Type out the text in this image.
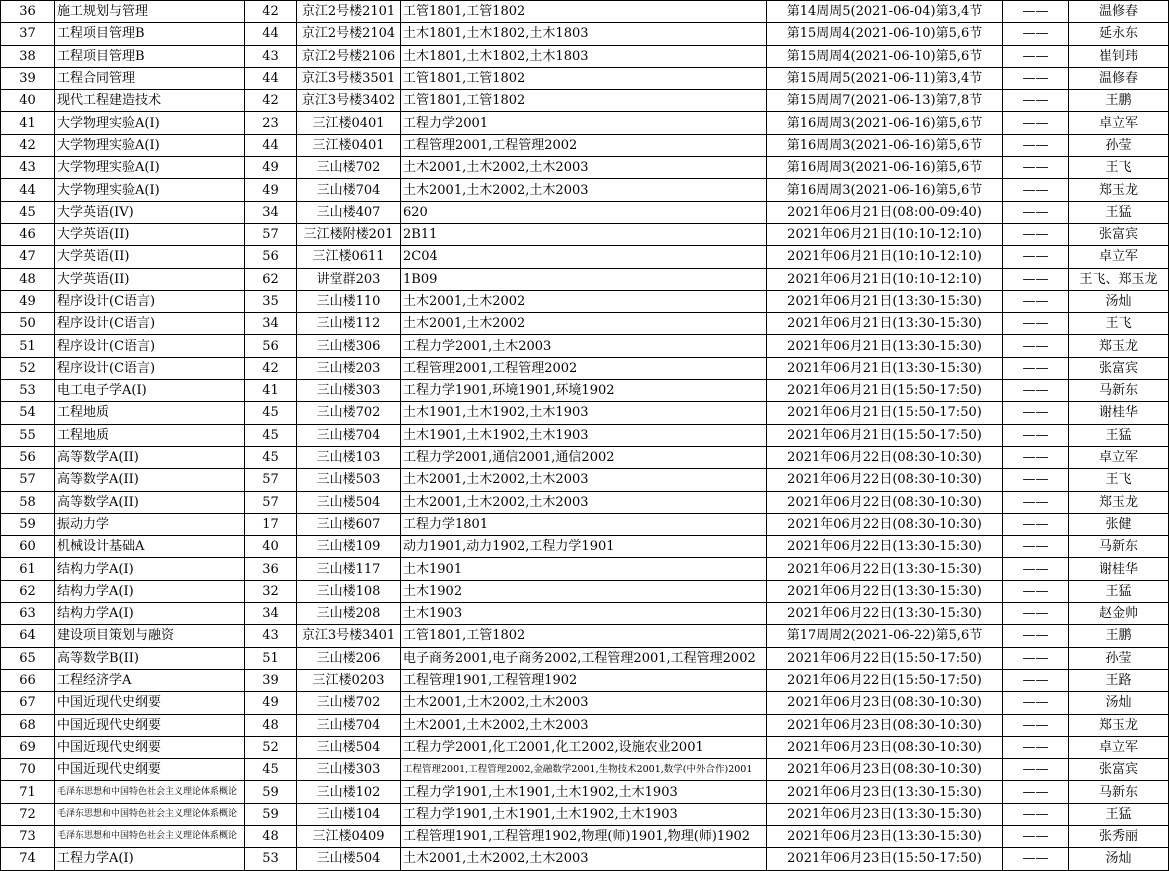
36	施工规划与管理	42	京江2号楼2101	工管1801,工管1802	第14周周5(2021-06-04)第3,4节	——	温修春
37	工程项目管理B	44	京江2号楼2104	土木1801,土木1802,土木1803	第15周周4(2021-06-10)第5,6节	——	延永东
38	工程项目管理B	43	京江2号楼2106	土木1801,土木1802,土木1803	第15周周4(2021-06-10)第5,6节	——	崔钊玮
39	工程合同管理	44	京江3号楼3501	工管1801,工管1802	第15周周5(2021-06-11)第3,4节	——	温修春
40	现代工程建造技术	42	京江3号楼3402	工管1801,工管1802	第15周周7(2021-06-13)第7,8节	——	王鹏
41	大学物理实验A(I)	23	三江楼0401	工程力学2001	第16周周3(2021-06-16)第5,6节	——	卓立军
42	大学物理实验A(I)	44	三江楼0401	工程管理2001,工程管理2002	第16周周3(2021-06-16)第5,6节	——	孙莹
43	大学物理实验A(I)	49	三山楼702	土木2001,土木2002,土木2003	第16周周3(2021-06-16)第5,6节	——	王飞
44	大学物理实验A(I)	49	三山楼704	土木2001,土木2002,土木2003	第16周周3(2021-06-16)第5,6节	——	郑玉龙
45	大学英语(IV)	34	三山楼407	620	2021年06月21日(08:00-09:40)	——	王猛
46	大学英语(II)	57	三江楼附楼201	2B11	2021年06月21日(10:10-12:10)	——	张富宾
47	大学英语(II)	56	三江楼0611	2C04	2021年06月21日(10:10-12:10)	——	卓立军
48	大学英语(II)	62	讲堂群203	1B09	2021年06月21日(10:10-12:10)	——	王飞、郑玉龙
49	程序设计(C语言)	35	三山楼110	土木2001,土木2002	2021年06月21日(13:30-15:30)	——	汤灿
50	程序设计(C语言)	34	三山楼112	土木2001,土木2002	2021年06月21日(13:30-15:30)	——	王飞
51	程序设计(C语言)	56	三山楼306	工程力学2001,土木2003	2021年06月21日(13:30-15:30)	——	郑玉龙
52	程序设计(C语言)	42	三山楼203	工程管理2001,工程管理2002	2021年06月21日(13:30-15:30)	——	张富宾
53	电工电子学A(I)	41	三山楼303	工程力学1901,环境1901,环境1902	2021年06月21日(15:50-17:50)	——	马新东
54	工程地质	45	三山楼702	土木1901,土木1902,土木1903	2021年06月21日(15:50-17:50)	——	谢桂华
55	工程地质	45	三山楼704	土木1901,土木1902,土木1903	2021年06月21日(15:50-17:50)	——	王猛
56	高等数学A(II)	45	三山楼103	工程力学2001,通信2001,通信2002	2021年06月22日(08:30-10:30)	——	卓立军
57	高等数学A(II)	57	三山楼503	土木2001,土木2002,土木2003	2021年06月22日(08:30-10:30)	——	王飞
58	高等数学A(II)	57	三山楼504	土木2001,土木2002,土木2003	2021年06月22日(08:30-10:30)	——	郑玉龙
59	振动力学	17	三山楼607	工程力学1801	2021年06月22日(08:30-10:30)	——	张健
60	机械设计基础A	40	三山楼109	动力1901,动力1902,工程力学1901	2021年06月22日(13:30-15:30)	——	马新东
61	结构力学A(I)	36	三山楼117	土木1901	2021年06月22日(13:30-15:30)	——	谢桂华
62	结构力学A(I)	32	三山楼108	土木1902	2021年06月22日(13:30-15:30)	——	王猛
63	结构力学A(I)	34	三山楼208	土木1903	2021年06月22日(13:30-15:30)	——	赵金帅
64	建设项目策划与融资	43	京江3号楼3401	工管1801,工管1802	第17周周2(2021-06-22)第5,6节	——	王鹏
65	高等数学B(II)	51	三山楼206	电子商务2001,电子商务2002,工程管理2001,工程管理2002	2021年06月22日(15:50-17:50)	——	孙莹
66	工程经济学A	39	三江楼0203	工程管理1901,工程管理1902	2021年06月22日(15:50-17:50)	——	王路
67	中国近现代史纲要	49	三山楼702	土木2001,土木2002,土木2003	2021年06月23日(08:30-10:30)	——	汤灿
68	中国近现代史纲要	48	三山楼704	土木2001,土木2002,土木2003	2021年06月23日(08:30-10:30)	——	郑玉龙
69	中国近现代史纲要	52	三山楼504	工程力学2001,化工2001,化工2002,设施农业2001	2021年06月23日(08:30-10:30)	——	卓立军
70	中国近现代史纲要	45	三山楼303	工程管理2001,工程管理2002,金融数学2001,生物技术2001,数学(中外合作)2001	2021年06月23日(08:30-10:30)	——	张富宾
71	毛泽东思想和中国特色社会主义理论体系概论	59	三山楼102	工程力学1901,土木1901,土木1902,土木1903	2021年06月23日(13:30-15:30)	——	马新东
72	毛泽东思想和中国特色社会主义理论体系概论	59	三山楼104	工程力学1901,土木1901,土木1902,土木1903	2021年06月23日(13:30-15:30)	——	王猛
73	毛泽东思想和中国特色社会主义理论体系概论	48	三江楼0409	工程管理1901,工程管理1902,物理(师)1901,物理(师)1902	2021年06月23日(13:30-15:30)	——	张秀丽
74	工程力学A(I)	53	三山楼504	土木2001,土木2002,土木2003	2021年06月23日(15:50-17:50)	——	汤灿
